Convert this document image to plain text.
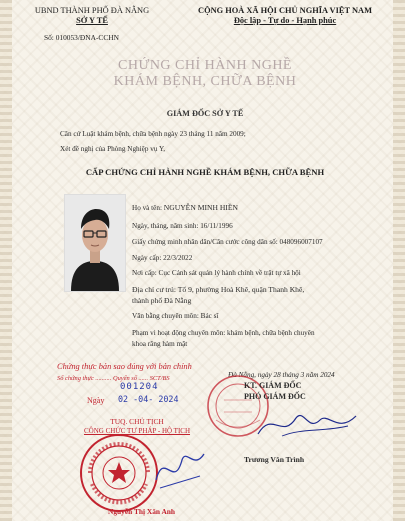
UBND THÀNH PHỐ ĐÀ NẴNG
SỞ Y TẾ
CỘNG HOÀ XÃ HỘI CHỦ NGHĨA VIỆT NAM
Độc lập - Tự do - Hạnh phúc
Số: 010053/ĐNA-CCHN
CHỨNG CHỈ HÀNH NGHỀ
KHÁM BỆNH, CHỮA BỆNH
GIÁM ĐỐC SỞ Y TẾ
Căn cứ Luật khám bệnh, chữa bệnh ngày 23 tháng 11 năm 2009;
Xét đề nghị của Phòng Nghiệp vụ Y,
CẤP CHỨNG CHỈ HÀNH NGHỀ KHÁM BỆNH, CHỮA BỆNH
Họ và tên: NGUYỄN MINH HIỀN
Ngày, tháng, năm sinh: 16/11/1996
Giấy chứng minh nhân dân/Căn cước công dân số: 048096007107
Ngày cấp: 22/3/2022
Nơi cấp: Cục Cảnh sát quản lý hành chính về trật tự xã hội
Địa chỉ cư trú: Tổ 9, phường Hoà Khê, quận Thanh Khê,
thành phố Đà Nẵng
Văn bằng chuyên môn: Bác sĩ
Phạm vi hoạt động chuyên môn: khám bệnh, chữa bệnh chuyên
khoa răng hàm mặt
Đà Nẵng, ngày 28 tháng 3 năm 2024
KT. GIÁM ĐỐC
PHÓ GIÁM ĐỐC
Trương Văn Trình
Chứng thực bản sao đúng với bản chính
Số chứng thực .......... Quyển số ...... SCT/BS
001204
Ngày 02 -04- 2024
TUQ. CHỦ TỊCH
CÔNG CHỨC TƯ PHÁP - HỘ TỊCH
Nguyễn Thị Xân Anh
